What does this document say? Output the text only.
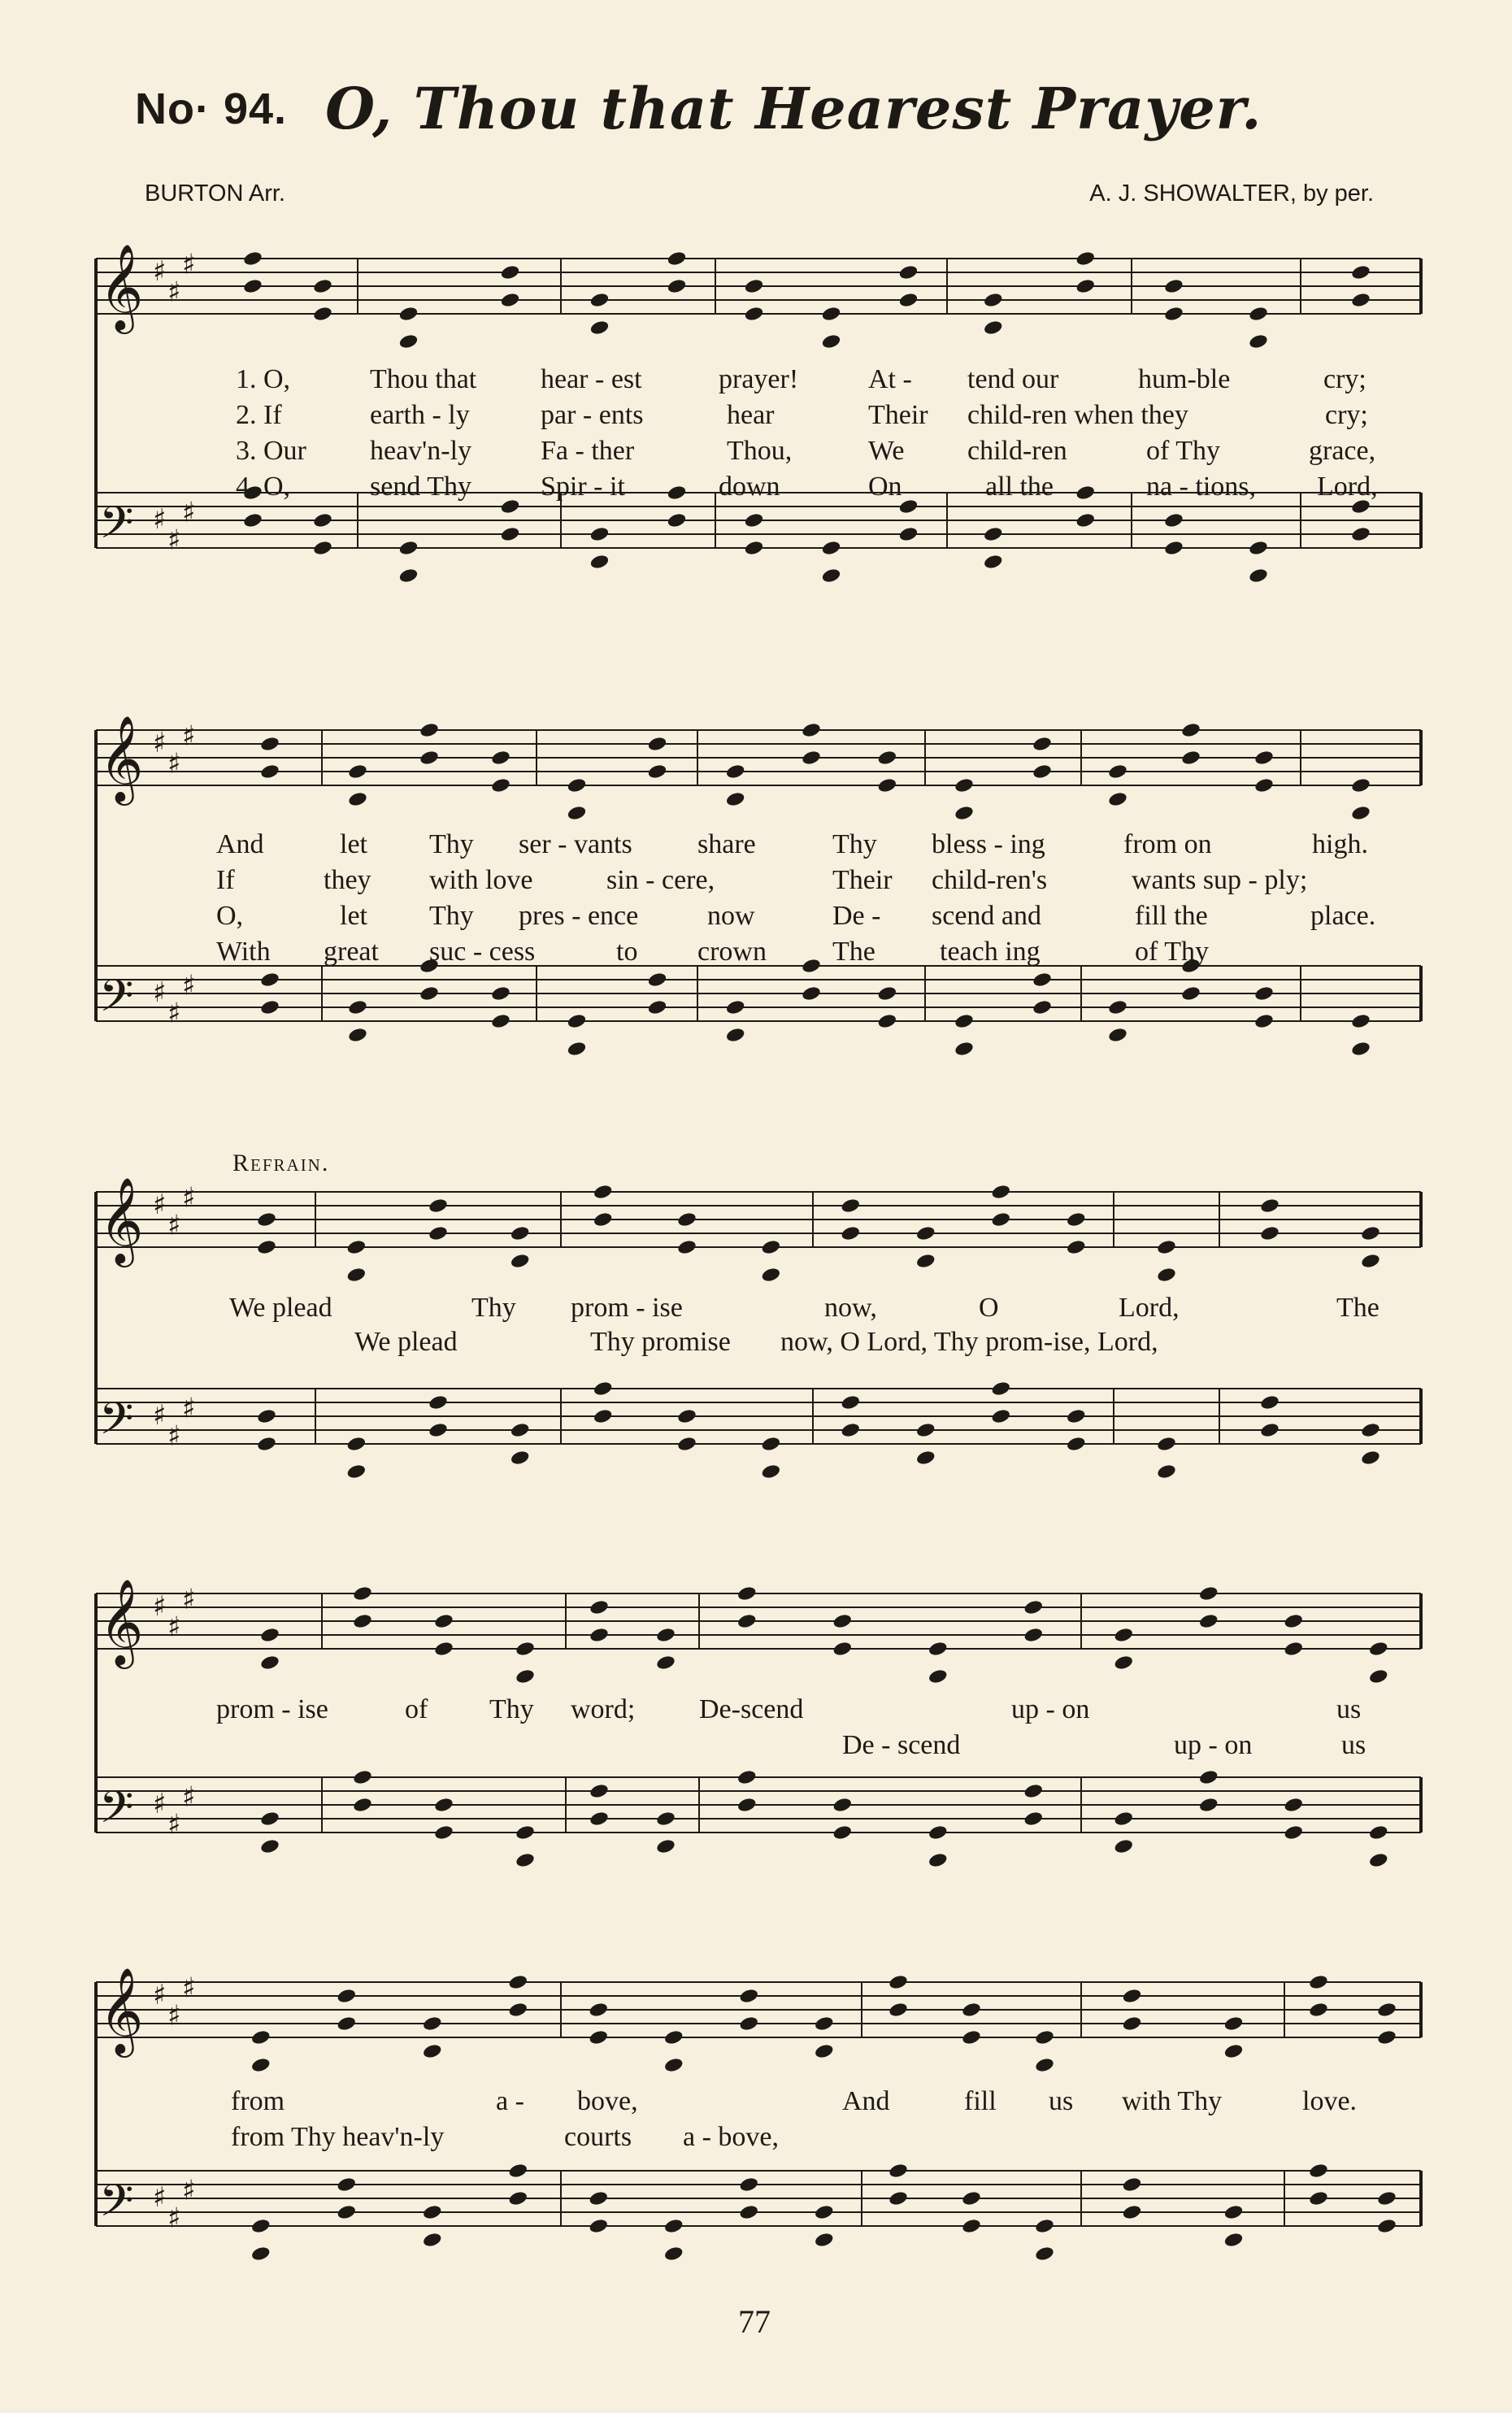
No· 94. O, Thou that Hearest Prayer.
BURTON Arr.	A. J. SHOWALTER, by per.
𝄞 ♯
♯
♯
𝄢 ♯
♯
♯
𝄞 ♯
♯
♯
𝄢 ♯
♯
♯
𝄞 ♯
♯
♯
𝄢 ♯
♯
♯
𝄞 ♯
♯
♯
𝄢 ♯
♯
♯
𝄞 ♯
♯
♯
𝄢 ♯
♯
♯
1. O,	Thou that hear - est	prayer!	At - tend our	hum-ble	cry;
2. If	earth - ly	par - ents	hear	Their child-ren when they	cry;
3. Our heav'n-ly Fa - ther	Thou,	We child-ren	of Thy	grace,
4. O,	send Thy	Spir - it	down	On	all the	na - tions, Lord,
And	let Thy ser - vants share	Thy bless - ing	from on	high.
If	they with love	sin - cere,	Their child-ren's	wants sup - ply;
O,	let Thy pres - ence now	De - scend and	fill the	place.
With great suc - cess	to crown The teach ing	of Thy
Refrain.
We plead	Thy prom - ise	now,	O	Lord,	The
We plead	Thy promise now, O Lord, Thy prom-ise, Lord,
prom - ise	of Thy word; De-scend	up - on	us
De - scend	up - on	us
from	a - bove,	And	fill us with Thy	love.
from Thy heav'n-ly	courts a - bove,
77
